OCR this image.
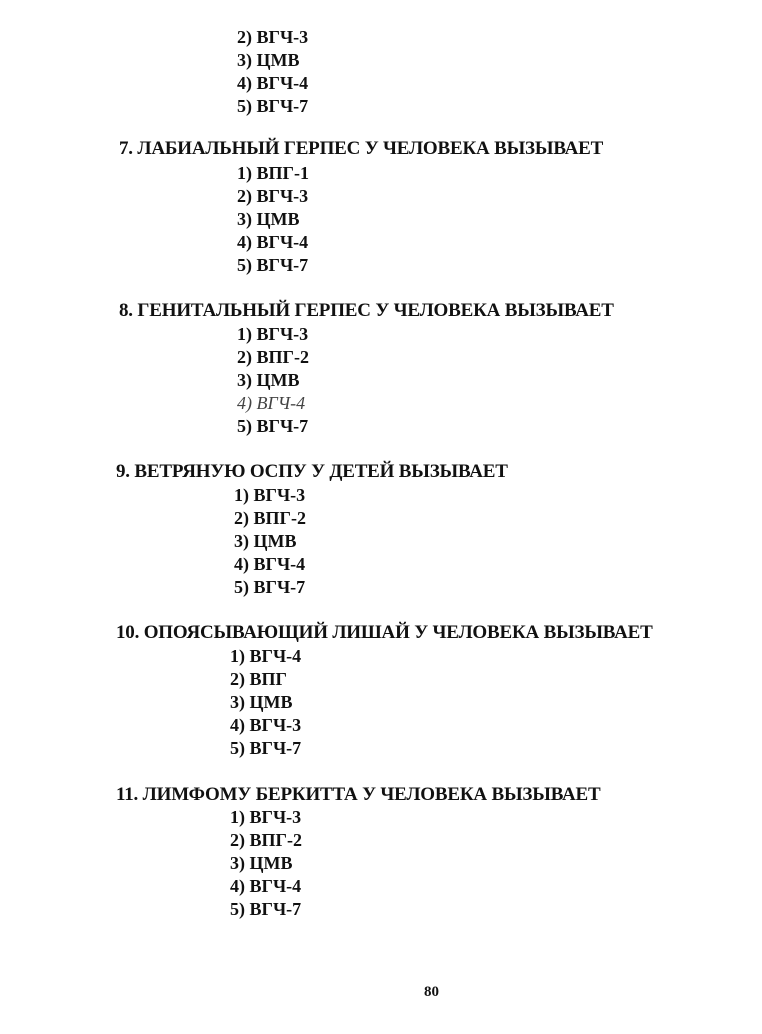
2) ВГЧ-3
3) ЦМВ
4) ВГЧ-4
5) ВГЧ-7
7. ЛАБИАЛЬНЫЙ ГЕРПЕС У ЧЕЛОВЕКА ВЫЗЫВАЕТ
1) ВПГ-1
2) ВГЧ-3
3) ЦМВ
4) ВГЧ-4
5) ВГЧ-7
8. ГЕНИТАЛЬНЫЙ ГЕРПЕС У ЧЕЛОВЕКА ВЫЗЫВАЕТ
1) ВГЧ-3
2) ВПГ-2
3) ЦМВ
4) ВГЧ-4
5) ВГЧ-7
9. ВЕТРЯНУЮ ОСПУ У ДЕТЕЙ ВЫЗЫВАЕТ
1) ВГЧ-3
2) ВПГ-2
3) ЦМВ
4) ВГЧ-4
5) ВГЧ-7
10. ОПОЯСЫВАЮЩИЙ ЛИШАЙ У ЧЕЛОВЕКА ВЫЗЫВАЕТ
1) ВГЧ-4
2) ВПГ
3) ЦМВ
4) ВГЧ-3
5) ВГЧ-7
11. ЛИМФОМУ БЕРКИТТА У ЧЕЛОВЕКА ВЫЗЫВАЕТ
1) ВГЧ-3
2) ВПГ-2
3) ЦМВ
4) ВГЧ-4
5) ВГЧ-7
80
